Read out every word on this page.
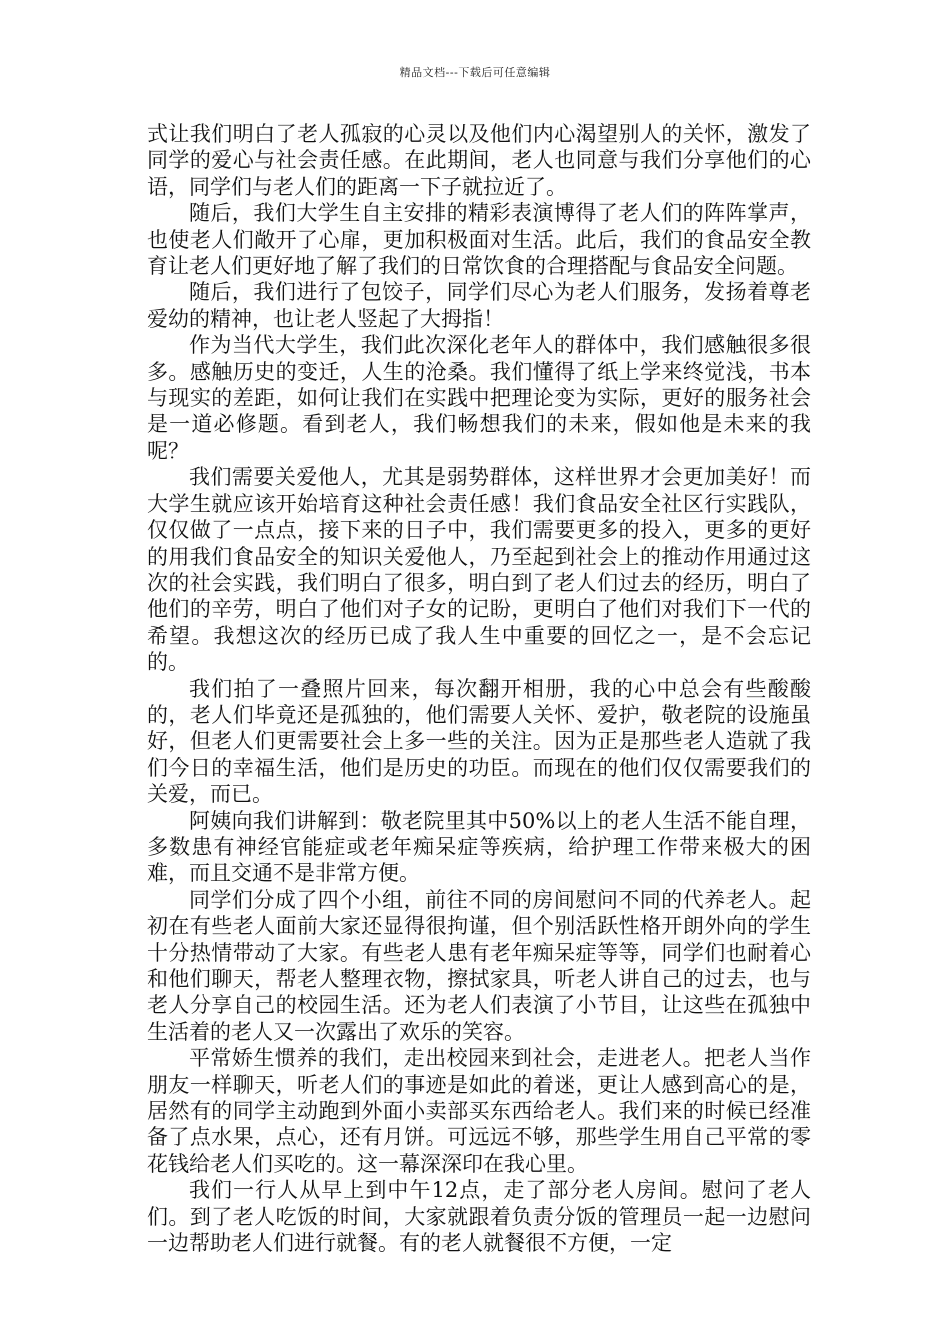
精品文档---下载后可任意编辑

式让我们明白了老人孤寂的心灵以及他们内心渴望别人的关怀，激发了同学的爱心与社会责任感。在此期间，老人也同意与我们分享他们的心语，同学们与老人们的距离一下子就拉近了。

随后，我们大学生自主安排的精彩表演博得了老人们的阵阵掌声，也使老人们敞开了心扉，更加积极面对生活。此后，我们的食品安全教育让老人们更好地了解了我们的日常饮食的合理搭配与食品安全问题。

随后，我们进行了包饺子，同学们尽心为老人们服务，发扬着尊老爱幼的精神，也让老人竖起了大拇指！

作为当代大学生，我们此次深化老年人的群体中，我们感触很多很多。感触历史的变迁，人生的沧桑。我们懂得了纸上学来终觉浅，书本与现实的差距，如何让我们在实践中把理论变为实际，更好的服务社会是一道必修题。看到老人，我们畅想我们的未来，假如他是未来的我呢？

我们需要关爱他人，尤其是弱势群体，这样世界才会更加美好！而大学生就应该开始培育这种社会责任感！我们食品安全社区行实践队，仅仅做了一点点，接下来的日子中，我们需要更多的投入，更多的更好的用我们食品安全的知识关爱他人，乃至起到社会上的推动作用通过这次的社会实践，我们明白了很多，明白到了老人们过去的经历，明白了他们的辛劳，明白了他们对子女的记盼，更明白了他们对我们下一代的希望。我想这次的经历已成了我人生中重要的回忆之一，是不会忘记的。

我们拍了一叠照片回来，每次翻开相册，我的心中总会有些酸酸的，老人们毕竟还是孤独的，他们需要人关怀、爱护，敬老院的设施虽好，但老人们更需要社会上多一些的关注。因为正是那些老人造就了我们今日的幸福生活，他们是历史的功臣。而现在的他们仅仅需要我们的关爱，而已。

阿姨向我们讲解到：敬老院里其中50%以上的老人生活不能自理，多数患有神经官能症或老年痴呆症等疾病，给护理工作带来极大的困难，而且交通不是非常方便。

同学们分成了四个小组，前往不同的房间慰问不同的代养老人。起初在有些老人面前大家还显得很拘谨，但个别活跃性格开朗外向的学生十分热情带动了大家。有些老人患有老年痴呆症等等，同学们也耐着心和他们聊天，帮老人整理衣物，擦拭家具，听老人讲自己的过去，也与老人分享自己的校园生活。还为老人们表演了小节目，让这些在孤独中生活着的老人又一次露出了欢乐的笑容。

平常娇生惯养的我们，走出校园来到社会，走进老人。把老人当作朋友一样聊天，听老人们的事迹是如此的着迷，更让人感到高心的是，居然有的同学主动跑到外面小卖部买东西给老人。我们来的时候已经准备了点水果，点心，还有月饼。可远远不够，那些学生用自己平常的零花钱给老人们买吃的。这一幕深深印在我心里。

我们一行人从早上到中午12点，走了部分老人房间。慰问了老人们。到了老人吃饭的时间，大家就跟着负责分饭的管理员一起一边慰问一边帮助老人们进行就餐。有的老人就餐很不方便，一定
